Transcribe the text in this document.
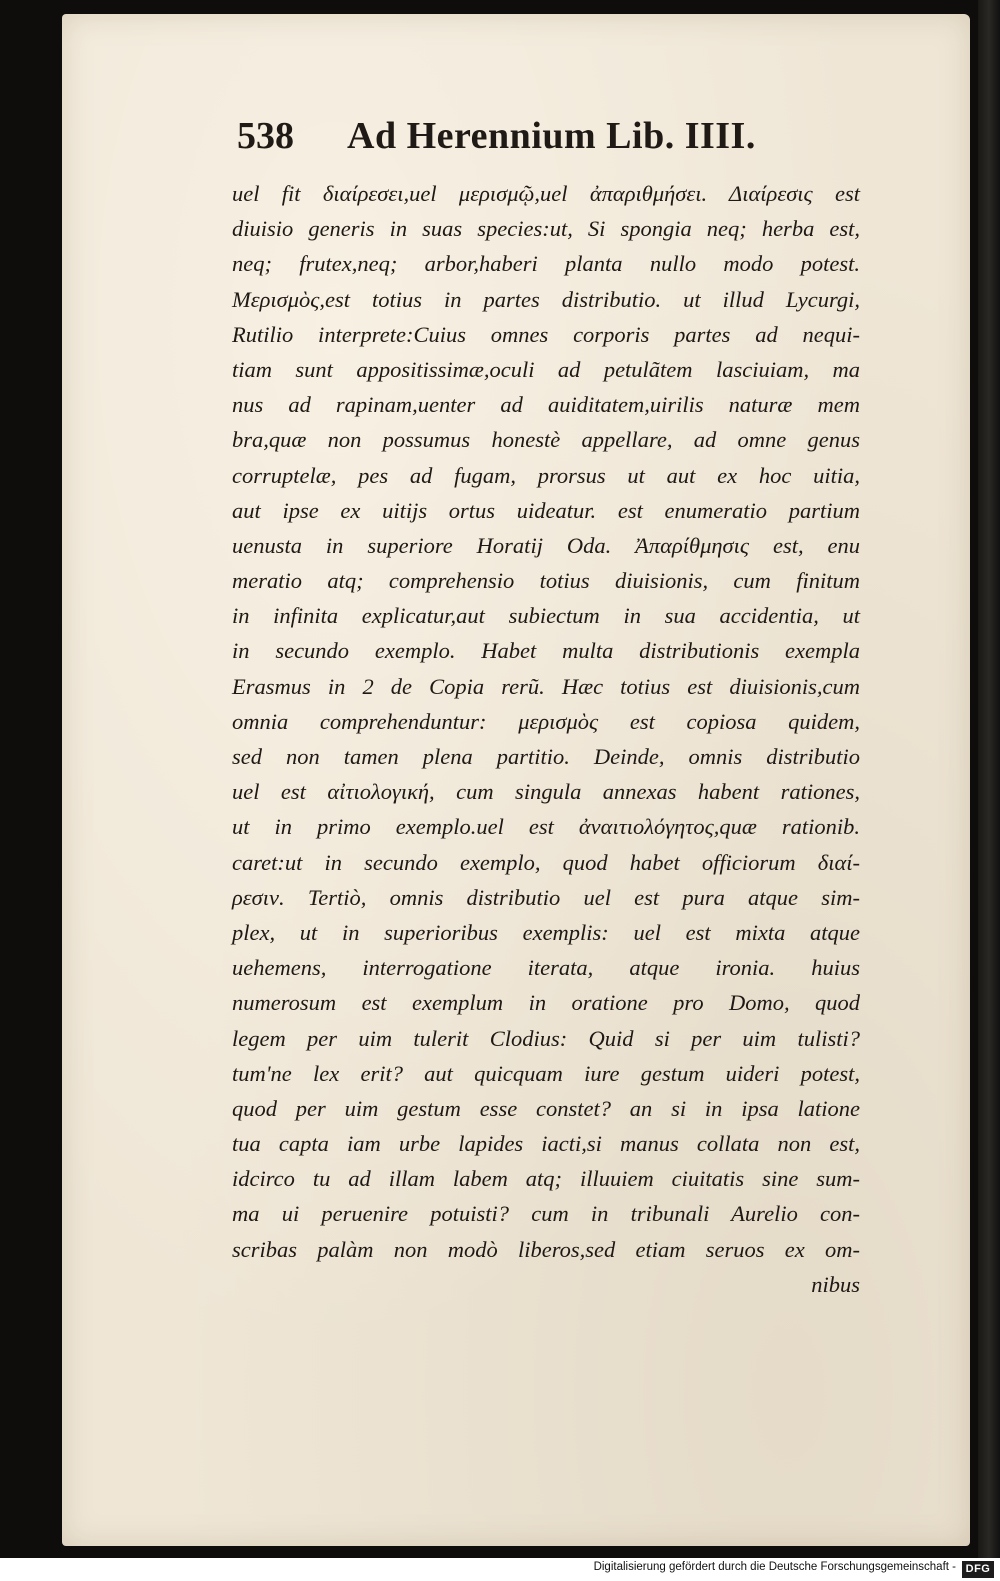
538	Ad Herennium Lib. IIII.
uel fit διαίρεσει,uel μερισμῷ,uel ἀπαριθμήσει. Διαίρεσις est
diuisio generis in suas species:ut, Si spongia neq; herba est,
neq; frutex,neq; arbor,haberi planta nullo modo potest.
Μερισμὸς,est totius in partes distributio. ut illud Lycurgi,
Rutilio interprete:Cuius omnes corporis partes ad nequi-
tiam sunt appositissimæ,oculi ad petulãtem lasciuiam, ma
nus ad rapinam,uenter ad auiditatem,uirilis naturæ mem
bra,quæ non possumus honestè appellare, ad omne genus
corruptelæ, pes ad fugam, prorsus ut aut ex hoc uitia,
aut ipse ex uitijs ortus uideatur. est enumeratio partium
uenusta in superiore Horatij Oda. Ἀπαρίθμησις est, enu
meratio atq; comprehensio totius diuisionis, cum finitum
in infinita explicatur,aut subiectum in sua accidentia, ut
in secundo exemplo. Habet multa distributionis exempla
Erasmus in 2 de Copia rerũ. Hæc totius est diuisionis,cum
omnia comprehenduntur: μερισμὸς est copiosa quidem,
sed non tamen plena partitio. Deinde, omnis distributio
uel est αἰτιολογική, cum singula annexas habent rationes,
ut in primo exemplo.uel est ἀναιτιολόγητος,quæ rationib.
caret:ut in secundo exemplo, quod habet officiorum διαί-
ρεσιν. Tertiò, omnis distributio uel est pura atque sim-
plex, ut in superioribus exemplis: uel est mixta atque
uehemens, interrogatione iterata, atque ironia. huius
numerosum est exemplum in oratione pro Domo, quod
legem per uim tulerit Clodius: Quid si per uim tulisti?
tum'ne lex erit? aut quicquam iure gestum uideri potest,
quod per uim gestum esse constet? an si in ipsa latione
tua capta iam urbe lapides iacti,si manus collata non est,
idcirco tu ad illam labem atq; illuuiem ciuitatis sine sum-
ma ui peruenire potuisti? cum in tribunali Aurelio con-
scribas palàm non modò liberos,sed etiam seruos ex om-
nibus
Digitalisierung gefördert durch die Deutsche Forschungsgemeinschaft - DFG
